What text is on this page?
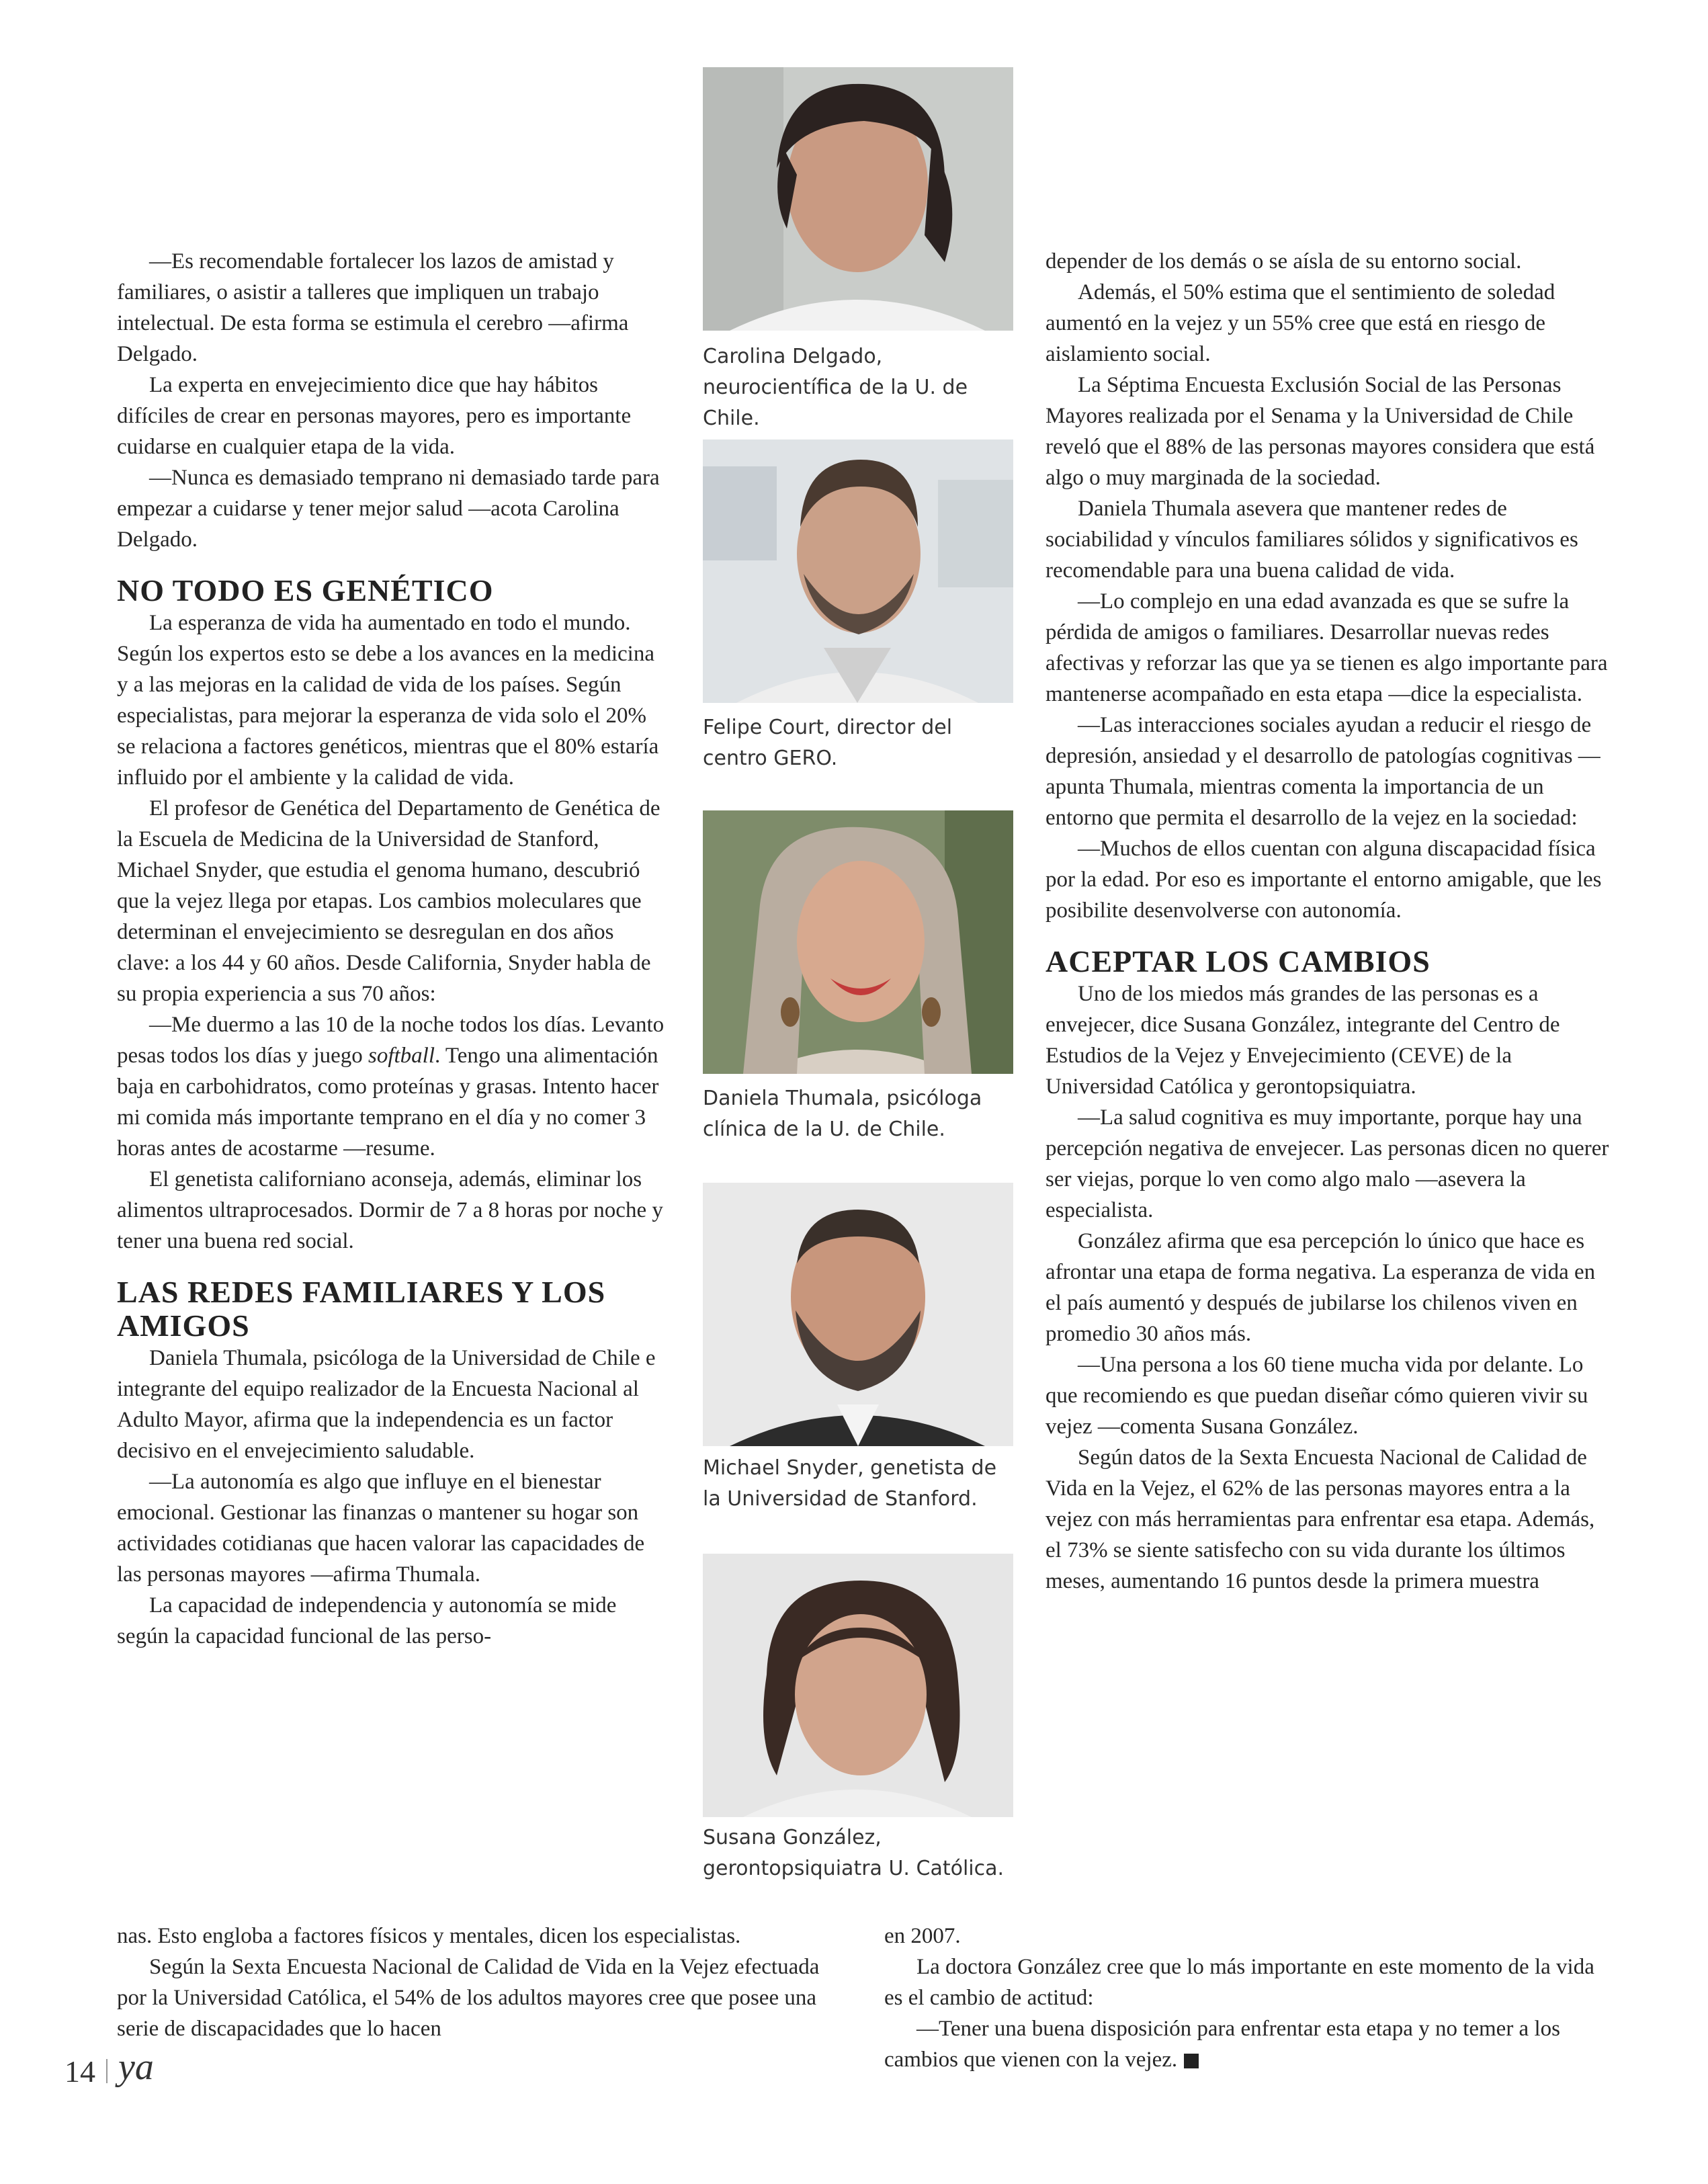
—Es recomendable fortalecer los lazos de amistad y familiares, o asistir a talleres que impliquen un trabajo intelectual. De esta forma se estimula el cerebro —afirma Delgado.

La experta en envejecimiento dice que hay hábitos difíciles de crear en personas mayores, pero es importante cuidarse en cualquier etapa de la vida.

—Nunca es demasiado temprano ni demasiado tarde para empezar a cuidarse y tener mejor salud —acota Carolina Delgado.

NO TODO ES GENÉTICO

La esperanza de vida ha aumentado en todo el mundo. Según los expertos esto se debe a los avances en la medicina y a las mejoras en la calidad de vida de los países. Según especialistas, para mejorar la esperanza de vida solo el 20% se relaciona a factores genéticos, mientras que el 80% estaría influido por el ambiente y la calidad de vida.

El profesor de Genética del Departamento de Genética de la Escuela de Medicina de la Universidad de Stanford, Michael Snyder, que estudia el genoma humano, descubrió que la vejez llega por etapas. Los cambios moleculares que determinan el envejecimiento se desregulan en dos años clave: a los 44 y 60 años. Desde California, Snyder habla de su propia experiencia a sus 70 años:

—Me duermo a las 10 de la noche todos los días. Levanto pesas todos los días y juego softball. Tengo una alimentación baja en carbohidratos, como proteínas y grasas. Intento hacer mi comida más importante temprano en el día y no comer 3 horas antes de acostarme —resume.

El genetista californiano aconseja, además, eliminar los alimentos ultraprocesados. Dormir de 7 a 8 horas por noche y tener una buena red social.

LAS REDES FAMILIARES Y LOS AMIGOS

Daniela Thumala, psicóloga de la Universidad de Chile e integrante del equipo realizador de la Encuesta Nacional al Adulto Mayor, afirma que la independencia es un factor decisivo en el envejecimiento saludable.

—La autonomía es algo que influye en el bienestar emocional. Gestionar las finanzas o mantener su hogar son actividades cotidianas que hacen valorar las capacidades de las personas mayores —afirma Thumala.

La capacidad de independencia y autonomía se mide según la capacidad funcional de las perso-

nas. Esto engloba a factores físicos y mentales, dicen los especialistas.

Según la Sexta Encuesta Nacional de Calidad de Vida en la Vejez efectuada por la Universidad Católica, el 54% de los adultos mayores cree que posee una serie de discapacidades que lo hacen

Carolina Delgado, neurocientífica de la U. de Chile.
Felipe Court, director del centro GERO.
Daniela Thumala, psicóloga clínica de la U. de Chile.
Michael Snyder, genetista de la Universidad de Stanford.
Susana González, gerontopsiquiatra U. Católica.

depender de los demás o se aísla de su entorno social.

Además, el 50% estima que el sentimiento de soledad aumentó en la vejez y un 55% cree que está en riesgo de aislamiento social.

La Séptima Encuesta Exclusión Social de las Personas Mayores realizada por el Senama y la Universidad de Chile reveló que el 88% de las personas mayores considera que está algo o muy marginada de la sociedad.

Daniela Thumala asevera que mantener redes de sociabilidad y vínculos familiares sólidos y significativos es recomendable para una buena calidad de vida.

—Lo complejo en una edad avanzada es que se sufre la pérdida de amigos o familiares. Desarrollar nuevas redes afectivas y reforzar las que ya se tienen es algo importante para mantenerse acompañado en esta etapa —dice la especialista.

—Las interacciones sociales ayudan a reducir el riesgo de depresión, ansiedad y el desarrollo de patologías cognitivas —apunta Thumala, mientras comenta la importancia de un entorno que permita el desarrollo de la vejez en la sociedad:

—Muchos de ellos cuentan con alguna discapacidad física por la edad. Por eso es importante el entorno amigable, que les posibilite desenvolverse con autonomía.

ACEPTAR LOS CAMBIOS

Uno de los miedos más grandes de las personas es a envejecer, dice Susana González, integrante del Centro de Estudios de la Vejez y Envejecimiento (CEVE) de la Universidad Católica y gerontopsiquiatra.

—La salud cognitiva es muy importante, porque hay una percepción negativa de envejecer. Las personas dicen no querer ser viejas, porque lo ven como algo malo —asevera la especialista.

González afirma que esa percepción lo único que hace es afrontar una etapa de forma negativa. La esperanza de vida en el país aumentó y después de jubilarse los chilenos viven en promedio 30 años más.

—Una persona a los 60 tiene mucha vida por delante. Lo que recomiendo es que puedan diseñar cómo quieren vivir su vejez —comenta Susana González.

Según datos de la Sexta Encuesta Nacional de Calidad de Vida en la Vejez, el 62% de las personas mayores entra a la vejez con más herramientas para enfrentar esa etapa. Además, el 73% se siente satisfecho con su vida durante los últimos meses, aumentando 16 puntos desde la primera muestra

en 2007.

La doctora González cree que lo más importante en este momento de la vida es el cambio de actitud:

—Tener una buena disposición para enfrentar esta etapa y no temer a los cambios que vienen con la vejez.

14 ya
